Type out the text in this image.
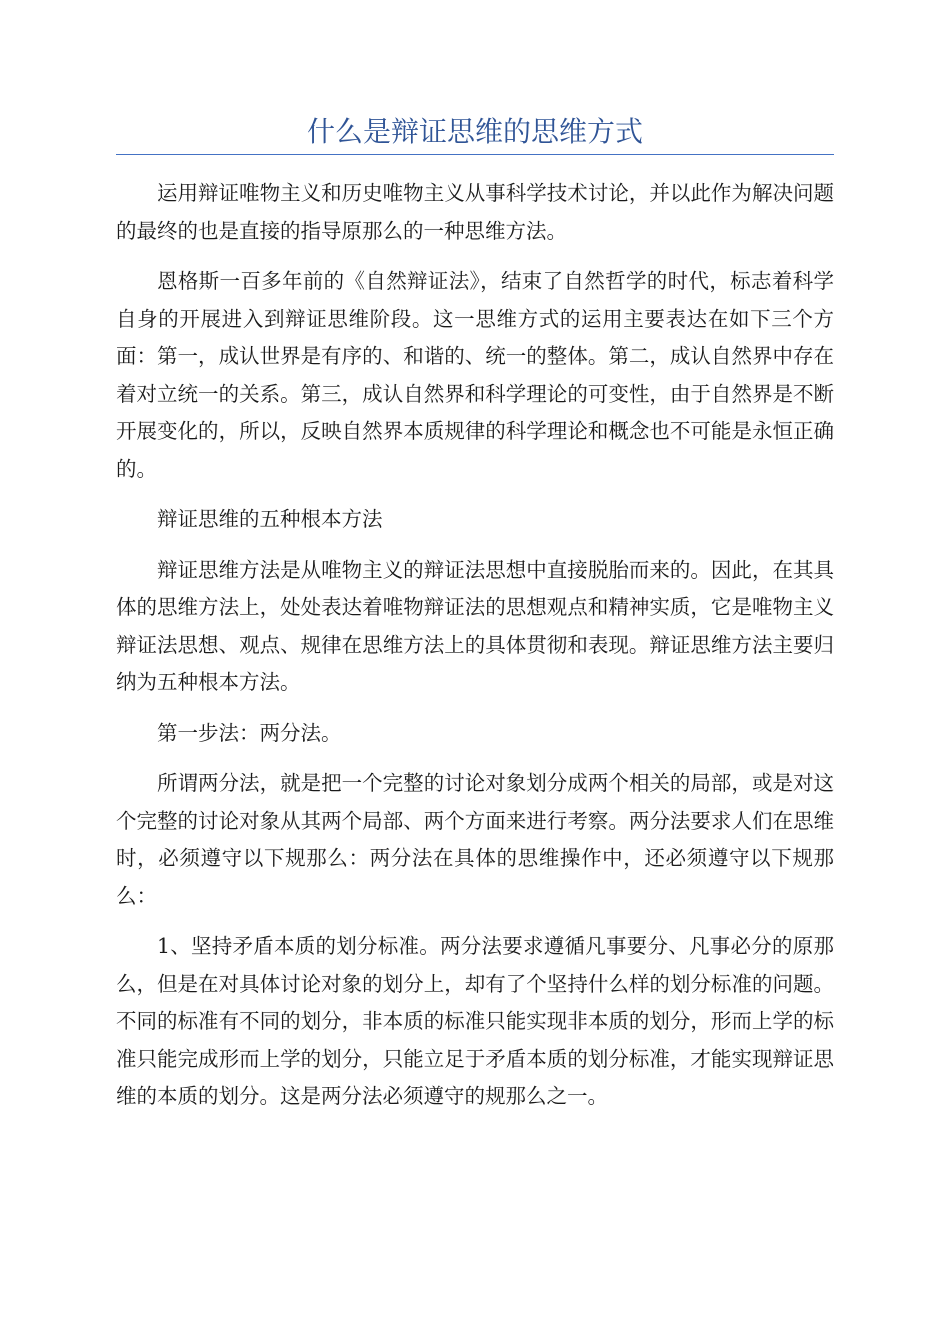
什么是辩证思维的思维方式

运用辩证唯物主义和历史唯物主义从事科学技术讨论，并以此作为解决问题的最终的也是直接的指导原那么的一种思维方法。

恩格斯一百多年前的《自然辩证法》，结束了自然哲学的时代，标志着科学自身的开展进入到辩证思维阶段。这一思维方式的运用主要表达在如下三个方面：第一，成认世界是有序的、和谐的、统一的整体。第二，成认自然界中存在着对立统一的关系。第三，成认自然界和科学理论的可变性，由于自然界是不断开展变化的，所以，反映自然界本质规律的科学理论和概念也不可能是永恒正确的。

辩证思维的五种根本方法

辩证思维方法是从唯物主义的辩证法思想中直接脱胎而来的。因此，在其具体的思维方法上，处处表达着唯物辩证法的思想观点和精神实质，它是唯物主义辩证法思想、观点、规律在思维方法上的具体贯彻和表现。辩证思维方法主要归纳为五种根本方法。

第一步法：两分法。

所谓两分法，就是把一个完整的讨论对象划分成两个相关的局部，或是对这个完整的讨论对象从其两个局部、两个方面来进行考察。两分法要求人们在思维时，必须遵守以下规那么：两分法在具体的思维操作中，还必须遵守以下规那么：

1、坚持矛盾本质的划分标准。两分法要求遵循凡事要分、凡事必分的原那么，但是在对具体讨论对象的划分上，却有了个坚持什么样的划分标准的问题。不同的标准有不同的划分，非本质的标准只能实现非本质的划分，形而上学的标准只能完成形而上学的划分，只能立足于矛盾本质的划分标准，才能实现辩证思维的本质的划分。这是两分法必须遵守的规那么之一。
